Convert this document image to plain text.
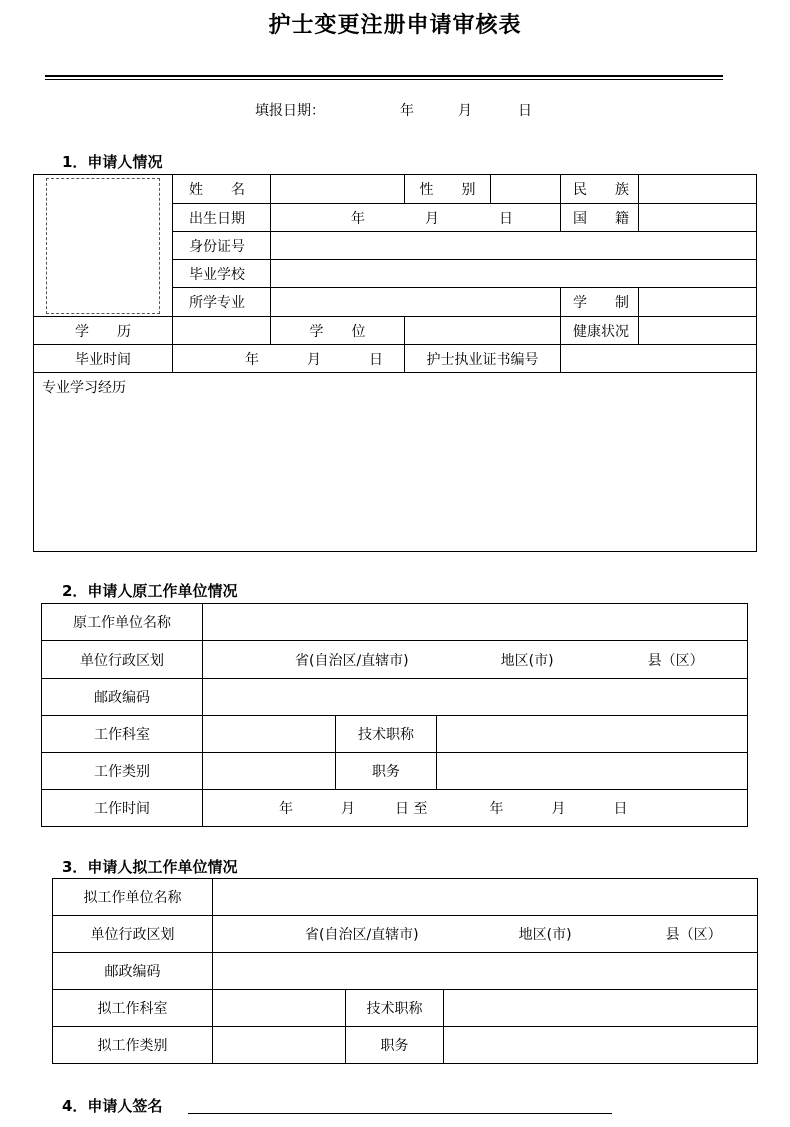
护士变更注册申请审核表
填报日期：	年	月	日
1．申请人情况
	姓　　名		性　　别		民　　族	
	出生日期	年 月 日			国　　籍	
	身份证号					
	毕业学校					
	所学专业				学　　制	
学　　历		学　　位			健康状况	
毕业时间	年 月 日		护士执业证书编号			
专业学习经历						
2．申请人原工作单位情况
原工作单位名称			
单位行政区划	省(自治区/直辖市) 地区(市) 县（区）		
邮政编码			
工作科室		技术职称	
工作类别		职务	
工作时间	年 月 日 至 年 月 日		
3．申请人拟工作单位情况
拟工作单位名称			
单位行政区划	省(自治区/直辖市) 地区(市) 县（区）		
邮政编码			
拟工作科室		技术职称	
拟工作类别		职务	
4．申请人签名
